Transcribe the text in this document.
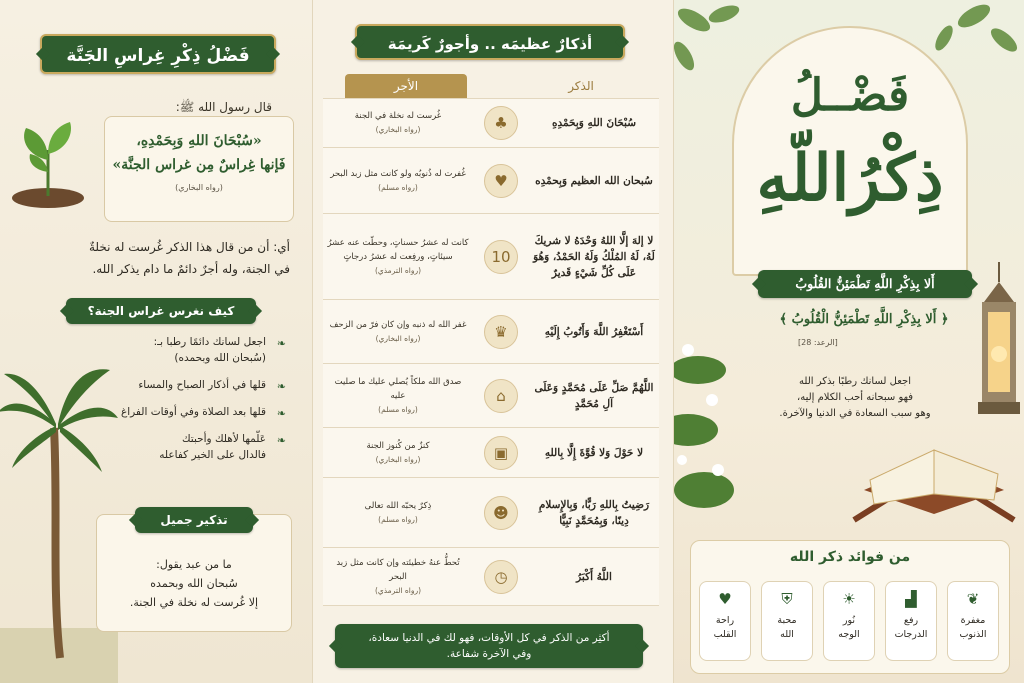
فَضْلُ ذِكْرِ غِراسِ الجَنَّة
قال رسول الله ﷺ:
«سُبْحَانَ اللهِ وَبِحَمْدِهِ،
فَإنها غِراسٌ مِن غراس الجنَّة»
(رواه البخاري)
أي: أن من قال هذا الذكر غُرست له نخلةٌ
في الجنة، وله أجرٌ دائمٌ ما دام يذكر الله.
كيف نغرس غراس الجنة؟
❧
اجعل لسانك دائمًا رطبا بـ:
(سُبحان الله وبحمده)
❧
قلها في أذكار الصباح والمساء
❧
قلها بعد الصلاة وفي أوقات الفراغ
❧
عَلّمها لأهلك وأحبتك
فالدال على الخير كفاعله
تذكير جميل
ما من عبد يقول:
سُبحان الله وبحمده
إلا غُرست له نخلة في الجنة.
أذكارٌ عظيمَه .. وأجورٌ كَريمَة
الذكر
الأجر
سُبْحَانَ اللهِ وَبِحَمْدِهِ
♣
غُرست له نخلة في الجنة
(رواه البخاري)
سُبحان الله العظيم وَبِحمْدِه
♥
غُفرت له ذُنوبُه ولو كانت مثل زبد البحر
(رواه مسلم)
لا إلهَ إلَّا اللهُ وَحْدَهُ لا شريكَ لَهُ، لَهُ المُلْكُ وَلَهُ الحَمْدُ، وَهُوَ عَلَى كُلِّ شَيْءٍ قَديرٌ
10
كانت له عشرُ حسناتٍ، وحطّت عنه عشرُ سيئاتٍ، ورفِعت له عشرُ درجاتٍ
(رواه الترمذي)
أَسْتَغْفِرُ اللَّهَ وَأَتُوبُ إِلَيْهِ
♛
غفر الله له ذنبه وإن كان فرّ من الزحف
(رواه البخاري)
اللَّهُمَّ صَلِّ عَلَى مُحَمَّدٍ وَعَلَى آلِ مُحَمَّدٍ
⌂
صدق الله ملكاً يُصلي عليك ما صليت عليه
(رواه مسلم)
لا حَوْلَ وَلا قُوَّةَ إِلَّا بِاللهِ
▣
كنزٌ من كُنوز الجنة
(رواه البخاري)
رَضِيتُ بِاللهِ رَبًّا، وَبِالإِسلامِ دِينًا، وَبِمُحَمَّدٍ نَبِيًّا
☻
ذِكرٌ يحبّه الله تعالى
(رواه مسلم)
اللَّهُ أَكْبَرُ
◷
تُحطُّ عنهُ خطيئته وإن كانت مثل زبد البحر
(رواه الترمذي)
أكثِر من الذكر في كل الأوقات، فهو لك في الدنيا سعادة،
وفي الآخرة شفاعة.
فَضْــلُ
ذِكْرُاللّهِ
أَلا بِذِكْرِ اللَّهِ تَطْمَئِنُّ القُلُوبُ
﴿ أَلا بِذِكْرِ اللَّهِ تَطْمَئِنُّ الْقُلُوبُ ﴾
[الرعد: 28]
اجعل لسانك رطبًا بذكر الله
فهو سبحانه أحب الكلام إليه،
وهو سبب السعادة في الدنيا والآخرة.
من فوائد ذكر الله
❦
مغفرة
الذنوب
▟
رفع
الدرجات
☀
نُور
الوجه
⛨
محبة
الله
♥
راحة
القلب
